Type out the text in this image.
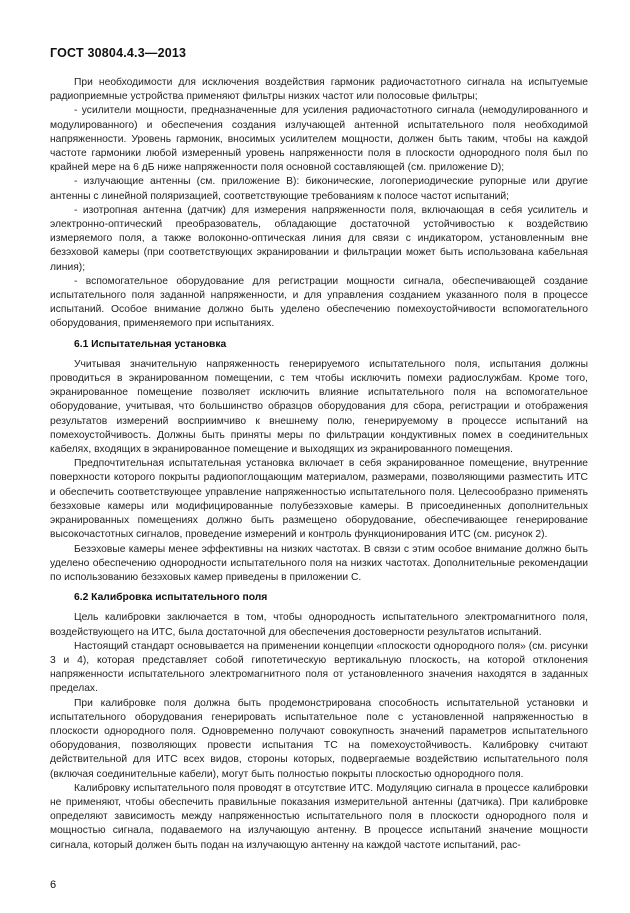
ГОСТ 30804.4.3—2013

При необходимости для исключения воздействия гармоник радиочастотного сигнала на испытуемые радиоприемные устройства применяют фильтры низких частот или полосовые фильтры;

- усилители мощности, предназначенные для усиления радиочастотного сигнала (немодулированного и модулированного) и обеспечения создания излучающей антенной испытательного поля необходимой напряженности. Уровень гармоник, вносимых усилителем мощности, должен быть таким, чтобы на каждой частоте гармоники любой измеренный уровень напряженности поля в плоскости однородного поля был по крайней мере на 6 дБ ниже напряженности поля основной составляющей (см. приложение D);

- излучающие антенны (см. приложение В): биконические, логопериодические рупорные или другие антенны с линейной поляризацией, соответствующие требованиям к полосе частот испытаний;

- изотропная антенна (датчик) для измерения напряженности поля, включающая в себя усилитель и электронно-оптический преобразователь, обладающие достаточной устойчивостью к воздействию измеряемого поля, а также волоконно-оптическая линия для связи с индикатором, установленным вне безэховой камеры (при соответствующих экранировании и фильтрации может быть использована кабельная линия);

- вспомогательное оборудование для регистрации мощности сигнала, обеспечивающей создание испытательного поля заданной напряженности, и для управления созданием указанного поля в процессе испытаний. Особое внимание должно быть уделено обеспечению помехоустойчивости вспомогательного оборудования, применяемого при испытаниях.

6.1 Испытательная установка

Учитывая значительную напряженность генерируемого испытательного поля, испытания должны проводиться в экранированном помещении, с тем чтобы исключить помехи радиослужбам. Кроме того, экранированное помещение позволяет исключить влияние испытательного поля на вспомогательное оборудование, учитывая, что большинство образцов оборудования для сбора, регистрации и отображения результатов измерений восприимчиво к внешнему полю, генерируемому в процессе испытаний на помехоустойчивость. Должны быть приняты меры по фильтрации кондуктивных помех в соединительных кабелях, входящих в экранированное помещение и выходящих из экранированного помещения.

Предпочтительная испытательная установка включает в себя экранированное помещение, внутренние поверхности которого покрыты радиопоглощающим материалом, размерами, позволяющими разместить ИТС и обеспечить соответствующее управление напряженностью испытательного поля. Целесообразно применять безэховые камеры или модифицированные полубезэховые камеры. В присоединенных дополнительных экранированных помещениях должно быть размещено оборудование, обеспечивающее генерирование высокочастотных сигналов, проведение измерений и контроль функционирования ИТС (см. рисунок 2).

Безэховые камеры менее эффективны на низких частотах. В связи с этим особое внимание должно быть уделено обеспечению однородности испытательного поля на низких частотах. Дополнительные рекомендации по использованию безэховых камер приведены в приложении С.

6.2 Калибровка испытательного поля

Цель калибровки заключается в том, чтобы однородность испытательного электромагнитного поля, воздействующего на ИТС, была достаточной для обеспечения достоверности результатов испытаний.

Настоящий стандарт основывается на применении концепции «плоскости однородного поля» (см. рисунки 3 и 4), которая представляет собой гипотетическую вертикальную плоскость, на которой отклонения напряженности испытательного электромагнитного поля от установленного значения находятся в заданных пределах.

При калибровке поля должна быть продемонстрирована способность испытательной установки и испытательного оборудования генерировать испытательное поле с установленной напряженностью в плоскости однородного поля. Одновременно получают совокупность значений параметров испытательного оборудования, позволяющих провести испытания ТС на помехоустойчивость. Калибровку считают действительной для ИТС всех видов, стороны которых, подвергаемые воздействию испытательного поля (включая соединительные кабели), могут быть полностью покрыты плоскостью однородного поля.

Калибровку испытательного поля проводят в отсутствие ИТС. Модуляцию сигнала в процессе калибровки не применяют, чтобы обеспечить правильные показания измерительной антенны (датчика). При калибровке определяют зависимость между напряженностью испытательного поля в плоскости однородного поля и мощностью сигнала, подаваемого на излучающую антенну. В процессе испытаний значение мощности сигнала, который должен быть подан на излучающую антенну на каждой частоте испытаний, рас-

6
